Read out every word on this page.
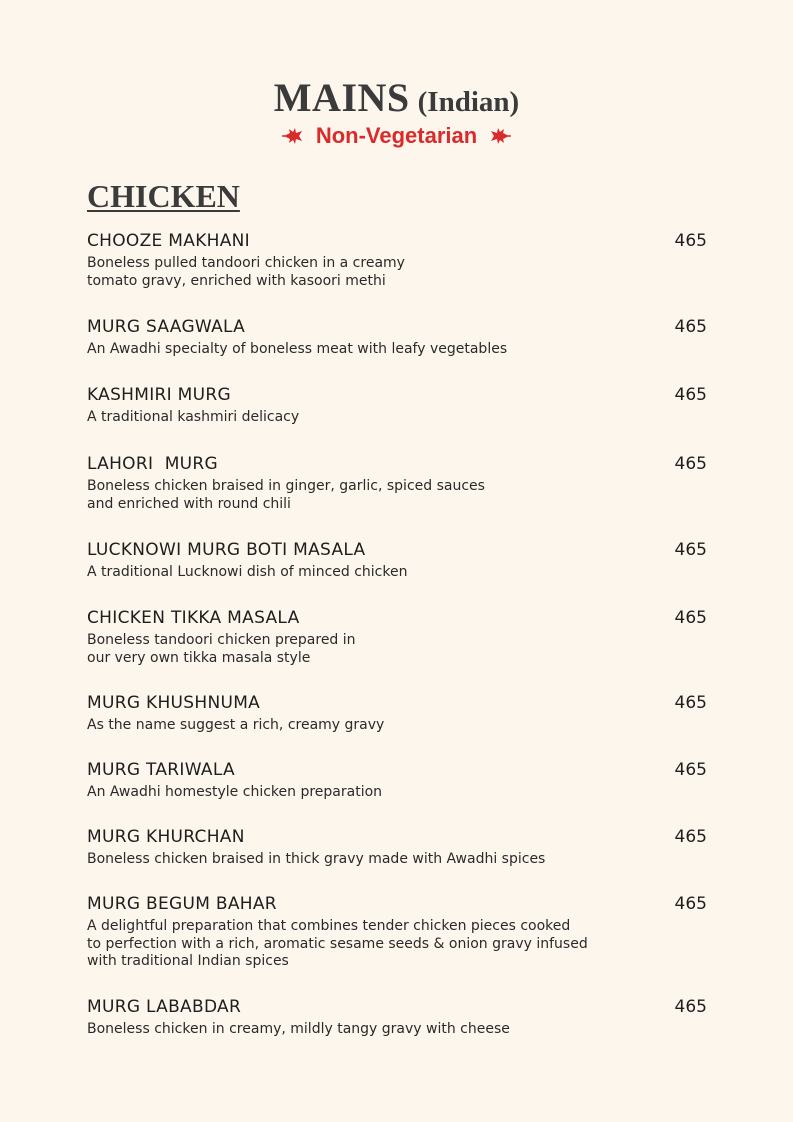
MAINS (Indian)
Non-Vegetarian
CHICKEN
CHOOZE MAKHANI	465
Boneless pulled tandoori chicken in a creamy
tomato gravy, enriched with kasoori methi
MURG SAAGWALA	465
An Awadhi specialty of boneless meat with leafy vegetables
KASHMIRI MURG	465
A traditional kashmiri delicacy
LAHORI  MURG	465
Boneless chicken braised in ginger, garlic, spiced sauces
and enriched with round chili
LUCKNOWI MURG BOTI MASALA	465
A traditional Lucknowi dish of minced chicken
CHICKEN TIKKA MASALA	465
Boneless tandoori chicken prepared in
our very own tikka masala style
MURG KHUSHNUMA	465
As the name suggest a rich, creamy gravy
MURG TARIWALA	465
An Awadhi homestyle chicken preparation
MURG KHURCHAN	465
Boneless chicken braised in thick gravy made with Awadhi spices
MURG BEGUM BAHAR	465
A delightful preparation that combines tender chicken pieces cooked
to perfection with a rich, aromatic sesame seeds & onion gravy infused
with traditional Indian spices
MURG LABABDAR	465
Boneless chicken in creamy, mildly tangy gravy with cheese
